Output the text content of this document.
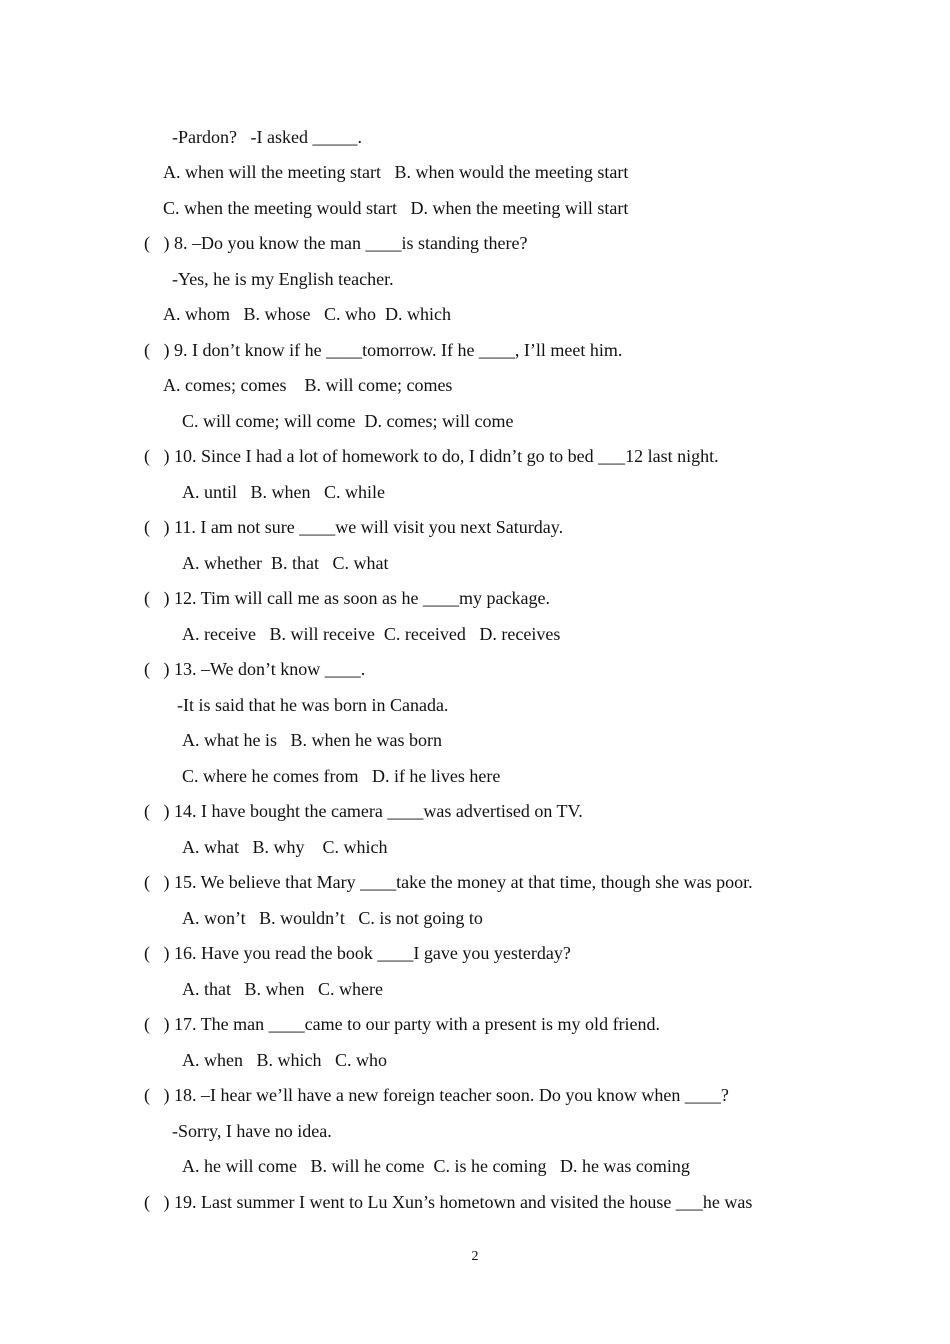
-Pardon?   -I asked _____.

A. when will the meeting start   B. when would the meeting start

C. when the meeting would start   D. when the meeting will start

(   ) 8. –Do you know the man ____is standing there?

-Yes, he is my English teacher.

A. whom   B. whose   C. who  D. which

(   ) 9. I don’t know if he ____tomorrow. If he ____, I’ll meet him.

A. comes; comes    B. will come; comes

C. will come; will come  D. comes; will come

(   ) 10. Since I had a lot of homework to do, I didn’t go to bed ___12 last night.

A. until   B. when   C. while

(   ) 11. I am not sure ____we will visit you next Saturday.

A. whether  B. that   C. what

(   ) 12. Tim will call me as soon as he ____my package.

A. receive   B. will receive  C. received   D. receives

(   ) 13. –We don’t know ____.

-It is said that he was born in Canada.

A. what he is   B. when he was born

C. where he comes from   D. if he lives here

(   ) 14. I have bought the camera ____was advertised on TV.

A. what   B. why    C. which

(   ) 15. We believe that Mary ____take the money at that time, though she was poor.

A. won’t   B. wouldn’t   C. is not going to

(   ) 16. Have you read the book ____I gave you yesterday?

A. that   B. when   C. where

(   ) 17. The man ____came to our party with a present is my old friend.

A. when   B. which   C. who

(   ) 18. –I hear we’ll have a new foreign teacher soon. Do you know when ____?

-Sorry, I have no idea.

A. he will come   B. will he come  C. is he coming   D. he was coming

(   ) 19. Last summer I went to Lu Xun’s hometown and visited the house ___he was

2
